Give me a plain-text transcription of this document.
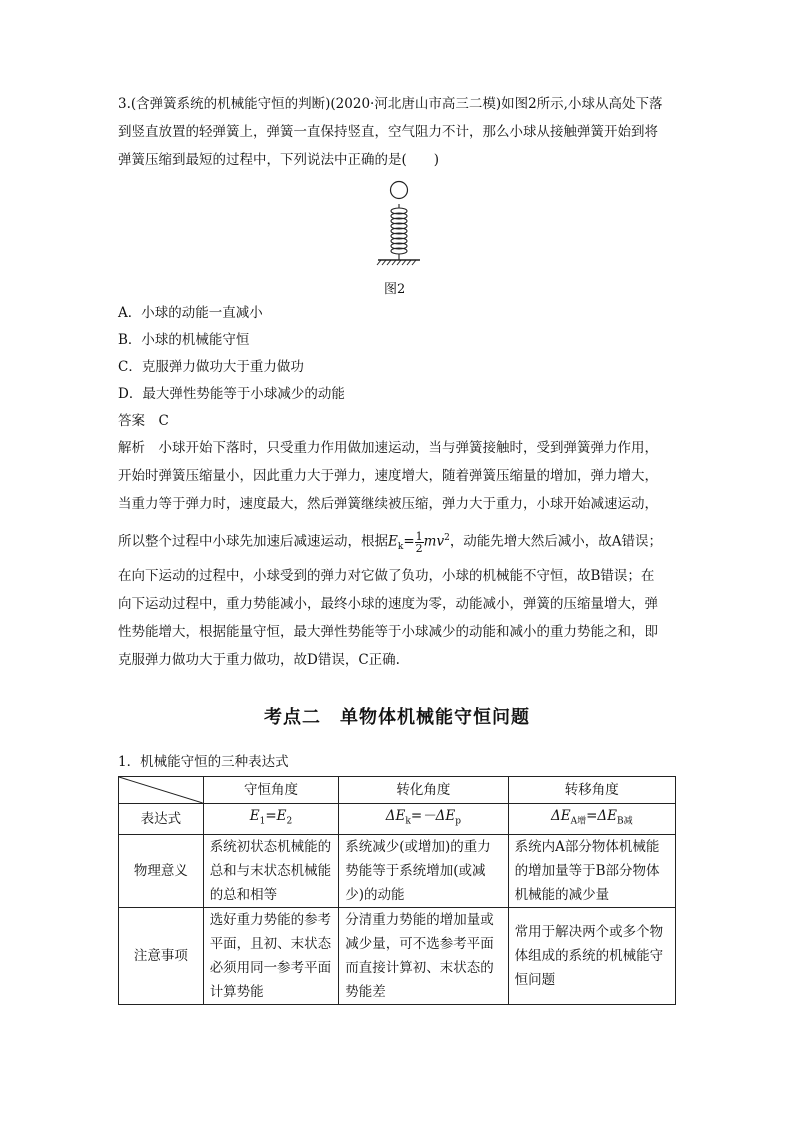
3.(含弹簧系统的机械能守恒的判断)(2020·河北唐山市高三二模)如图2所示,小球从高处下落
到竖直放置的轻弹簧上，弹簧一直保持竖直，空气阻力不计，那么小球从接触弹簧开始到将
弹簧压缩到最短的过程中，下列说法中正确的是(　　)
图2
A．小球的动能一直减小
B．小球的机械能守恒
C．克服弹力做功大于重力做功
D．最大弹性势能等于小球减少的动能
答案　C
解析　小球开始下落时，只受重力作用做加速运动，当与弹簧接触时，受到弹簧弹力作用，
开始时弹簧压缩量小，因此重力大于弹力，速度增大，随着弹簧压缩量的增加，弹力增大，
当重力等于弹力时，速度最大，然后弹簧继续被压缩，弹力大于重力，小球开始减速运动，
所以整个过程中小球先加速后减速运动，根据$E_k= \frac{1}{2} mv^2$，动能先增大然后减小，故A错误；
在向下运动的过程中，小球受到的弹力对它做了负功，小球的机械能不守恒，故B错误；在
向下运动过程中，重力势能减小，最终小球的速度为零，动能减小，弹簧的压缩量增大，弹
性势能增大，根据能量守恒，最大弹性势能等于小球减少的动能和减小的重力势能之和，即
克服弹力做功大于重力做功，故D错误，C正确.
考点二　单物体机械能守恒问题
1．机械能守恒的三种表达式
	守恒角度	转化角度	转移角度
表达式	$E_1=E_2$	$\Delta E_k=-\Delta E_p$	$\Delta E_{A增}=\Delta E_{B减}$
物理意义	系统初状态机械能的总和与末状态机械能的总和相等	系统减少(或增加)的重力势能等于系统增加(或减少)的动能	系统内A部分物体机械能的增加量等于B部分物体机械能的减少量
注意事项	选好重力势能的参考平面，且初、末状态必须用同一参考平面计算势能	分清重力势能的增加量或减少量，可不选参考平面而直接计算初、末状态的势能差	常用于解决两个或多个物体组成的系统的机械能守恒问题
